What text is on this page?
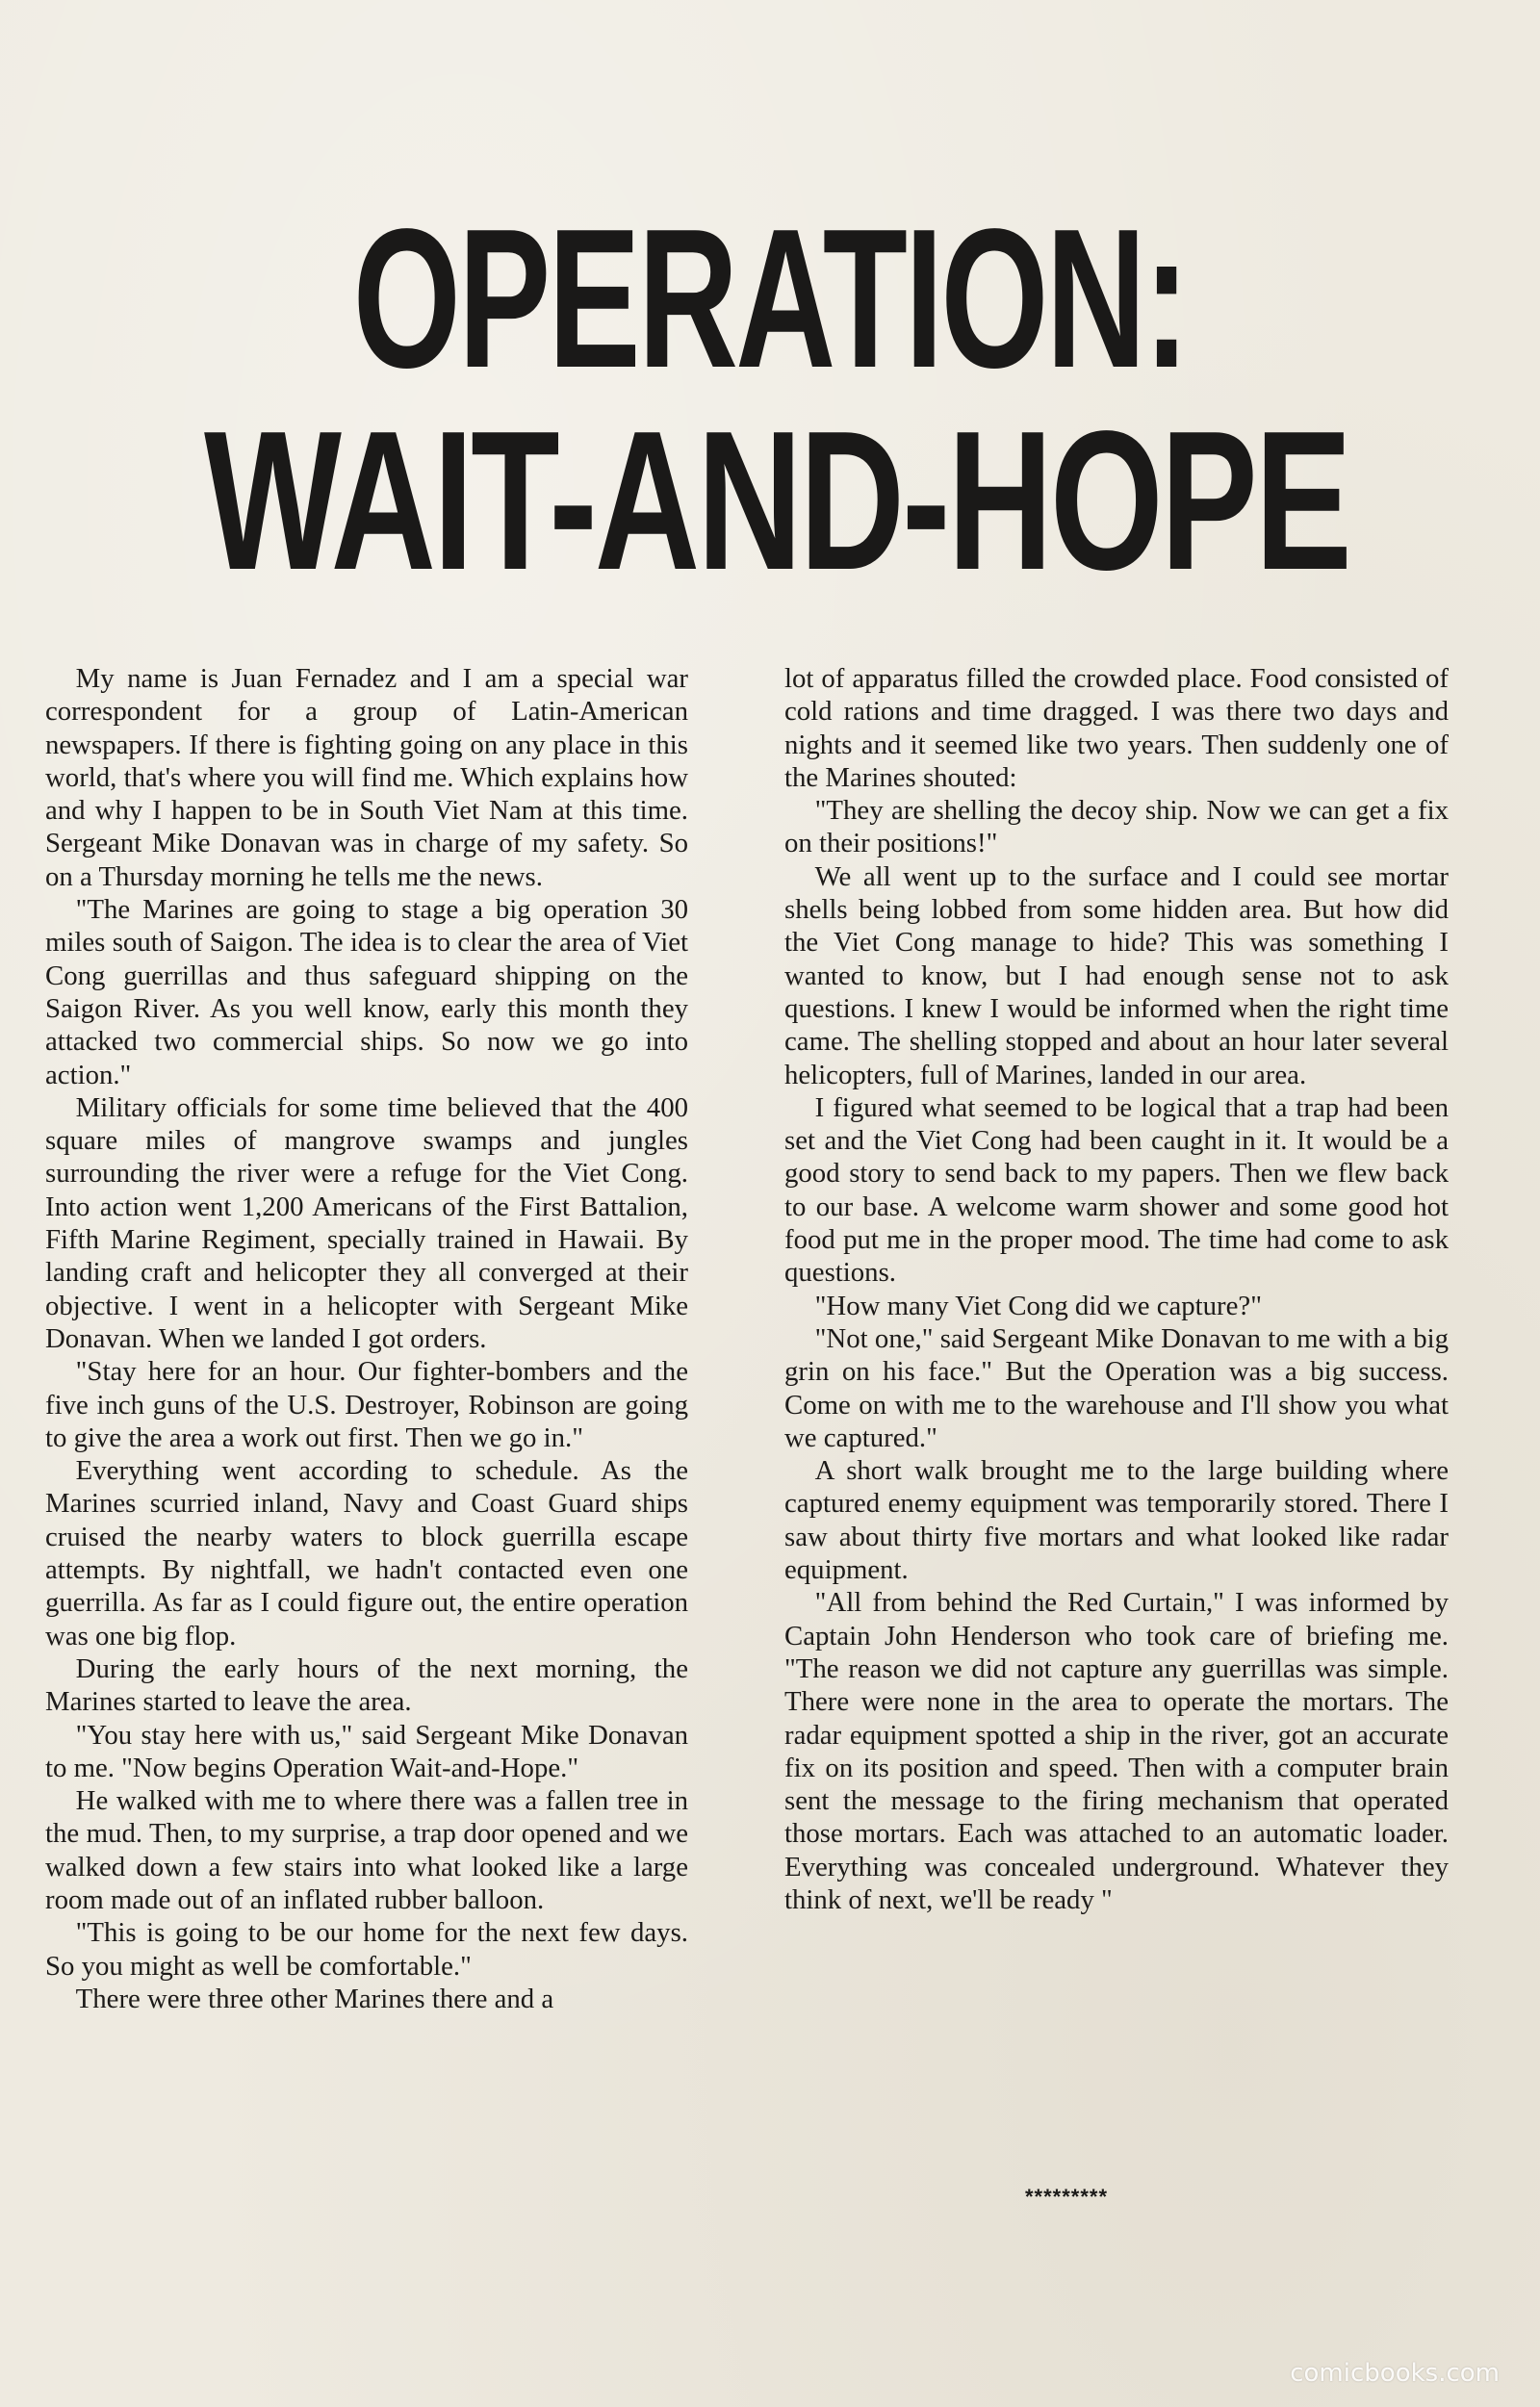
OPERATION:
WAIT-AND-HOPE

My name is Juan Fernadez and I am a special war correspondent for a group of Latin-American newspapers. If there is fighting going on any place in this world, that's where you will find me. Which explains how and why I happen to be in South Viet Nam at this time. Sergeant Mike Donavan was in charge of my safety. So on a Thursday morning he tells me the news.

"The Marines are going to stage a big operation 30 miles south of Saigon. The idea is to clear the area of Viet Cong guerrillas and thus safeguard shipping on the Saigon River. As you well know, early this month they attacked two commercial ships. So now we go into action."

Military officials for some time believed that the 400 square miles of mangrove swamps and jungles surrounding the river were a refuge for the Viet Cong. Into action went 1,200 Americans of the First Battalion, Fifth Marine Regiment, specially trained in Hawaii. By landing craft and helicopter they all converged at their objective. I went in a helicopter with Sergeant Mike Donavan. When we landed I got orders.

"Stay here for an hour. Our fighter-bombers and the five inch guns of the U.S. Destroyer, Robinson are going to give the area a work out first. Then we go in."

Everything went according to schedule. As the Marines scurried inland, Navy and Coast Guard ships cruised the nearby waters to block guerrilla escape attempts. By nightfall, we hadn't contacted even one guerrilla. As far as I could figure out, the entire operation was one big flop.

During the early hours of the next morning, the Marines started to leave the area.

"You stay here with us," said Sergeant Mike Donavan to me. "Now begins Operation Wait-and-Hope."

He walked with me to where there was a fallen tree in the mud. Then, to my surprise, a trap door opened and we walked down a few stairs into what looked like a large room made out of an inflated rubber balloon.

"This is going to be our home for the next few days. So you might as well be comfortable."

There were three other Marines there and a

lot of apparatus filled the crowded place. Food consisted of cold rations and time dragged. I was there two days and nights and it seemed like two years. Then suddenly one of the Marines shouted:

"They are shelling the decoy ship. Now we can get a fix on their positions!"

We all went up to the surface and I could see mortar shells being lobbed from some hidden area. But how did the Viet Cong manage to hide? This was something I wanted to know, but I had enough sense not to ask questions. I knew I would be informed when the right time came. The shelling stopped and about an hour later several helicopters, full of Marines, landed in our area.

I figured what seemed to be logical that a trap had been set and the Viet Cong had been caught in it. It would be a good story to send back to my papers. Then we flew back to our base. A welcome warm shower and some good hot food put me in the proper mood. The time had come to ask questions.

"How many Viet Cong did we capture?"

"Not one," said Sergeant Mike Donavan to me with a big grin on his face." But the Operation was a big success. Come on with me to the warehouse and I'll show you what we captured."

A short walk brought me to the large building where captured enemy equipment was temporarily stored. There I saw about thirty five mortars and what looked like radar equipment.

"All from behind the Red Curtain," I was informed by Captain John Henderson who took care of briefing me. "The reason we did not capture any guerrillas was simple. There were none in the area to operate the mortars. The radar equipment spotted a ship in the river, got an accurate fix on its position and speed. Then with a computer brain sent the message to the firing mechanism that operated those mortars. Each was attached to an automatic loader. Everything was concealed underground. Whatever they think of next, we'll be ready "

*********
comicbooks.com
